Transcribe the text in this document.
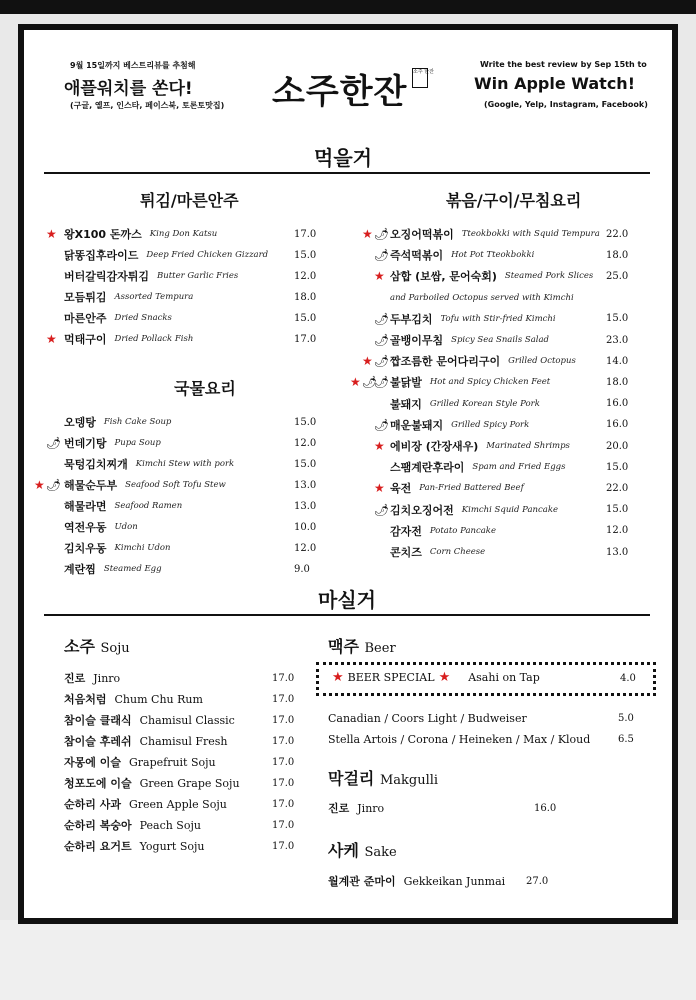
9월 15일까지 베스트리뷰를 추첨해
애플워치를 쏜다!
(구글, 옐프, 인스타, 페이스북, 토론토맛집) 소주한잔 소주 한잔
Write the best review by Sep 15th to
Win Apple Watch!
(Google, Yelp, Instagram, Facebook)
먹을거
튀김/마른안주	볶음/구이/무침요리
★ 왕X100 돈까스 King Don Katsu	17.0
닭똥집후라이드 Deep Fried Chicken Gizzard	15.0
버터갈릭감자튀김 Butter Garlic Fries	12.0
모듬튀김 Assorted Tempura	18.0
마른안주 Dried Snacks	15.0
★ 먹태구이 Dried Pollack Fish	17.0
국물요리
오뎅탕 Fish Cake Soup	15.0
🌶 번데기탕 Pupa Soup	12.0
묵텅김치찌개 Kimchi Stew with pork	15.0
★ 🌶 해물순두부 Seafood Soft Tofu Stew	13.0
해물라면 Seafood Ramen	13.0
역전우동 Udon	10.0
김치우동 Kimchi Udon	12.0
계란찜 Steamed Egg	9.0
★ 🌶 오징어떡볶이 Tteokbokki with Squid Tempura 22.0
🌶 즉석떡볶이 Hot Pot Tteokbokki	18.0
★ 삼합 (보쌈, 문어숙회) Steamed Pork Slices 25.0
and Parboiled Octopus served with Kimchi
🌶 두부김치 Tofu with Stir-fried Kimchi	15.0
🌶 골뱅이무침 Spicy Sea Snails Salad	23.0
★ 🌶 짭조름한 문어다리구이 Grilled Octopus	14.0
★ 🌶
🌶 불닭발 Hot and Spicy Chicken Feet	18.0
불돼지 Grilled Korean Style Pork	16.0
🌶 매운불돼지 Grilled Spicy Pork	16.0
★ 에비장 (간장새우) Marinated Shrimps	20.0
스팸계란후라이 Spam and Fried Eggs	15.0
★ 육전 Pan-Fried Battered Beef	22.0
🌶 김치오징어전 Kimchi Squid Pancake	15.0
감자전 Potato Pancake	12.0
콘치즈 Corn Cheese	13.0
마실거
소주 Soju
진로 Jinro	17.0
처음처럼 Chum Chu Rum	17.0
참이슬 클래식 Chamisul Classic	17.0
참이슬 후레쉬 Chamisul Fresh	17.0
자몽에 이슬 Grapefruit Soju	17.0
청포도에 이슬 Green Grape Soju	17.0
순하리 사과 Green Apple Soju	17.0
순하리 복숭아 Peach Soju	17.0
순하리 요거트 Yogurt Soju	17.0
맥주 Beer
★ BEER SPECIAL ★ Asahi on Tap	4.0
Canadian / Coors Light / Budweiser	5.0
Stella Artois / Corona / Heineken / Max / Kloud	6.5
막걸리 Makgulli
진로 Jinro	16.0
사케 Sake
월계관 준마이 Gekkeikan Junmai 27.0
